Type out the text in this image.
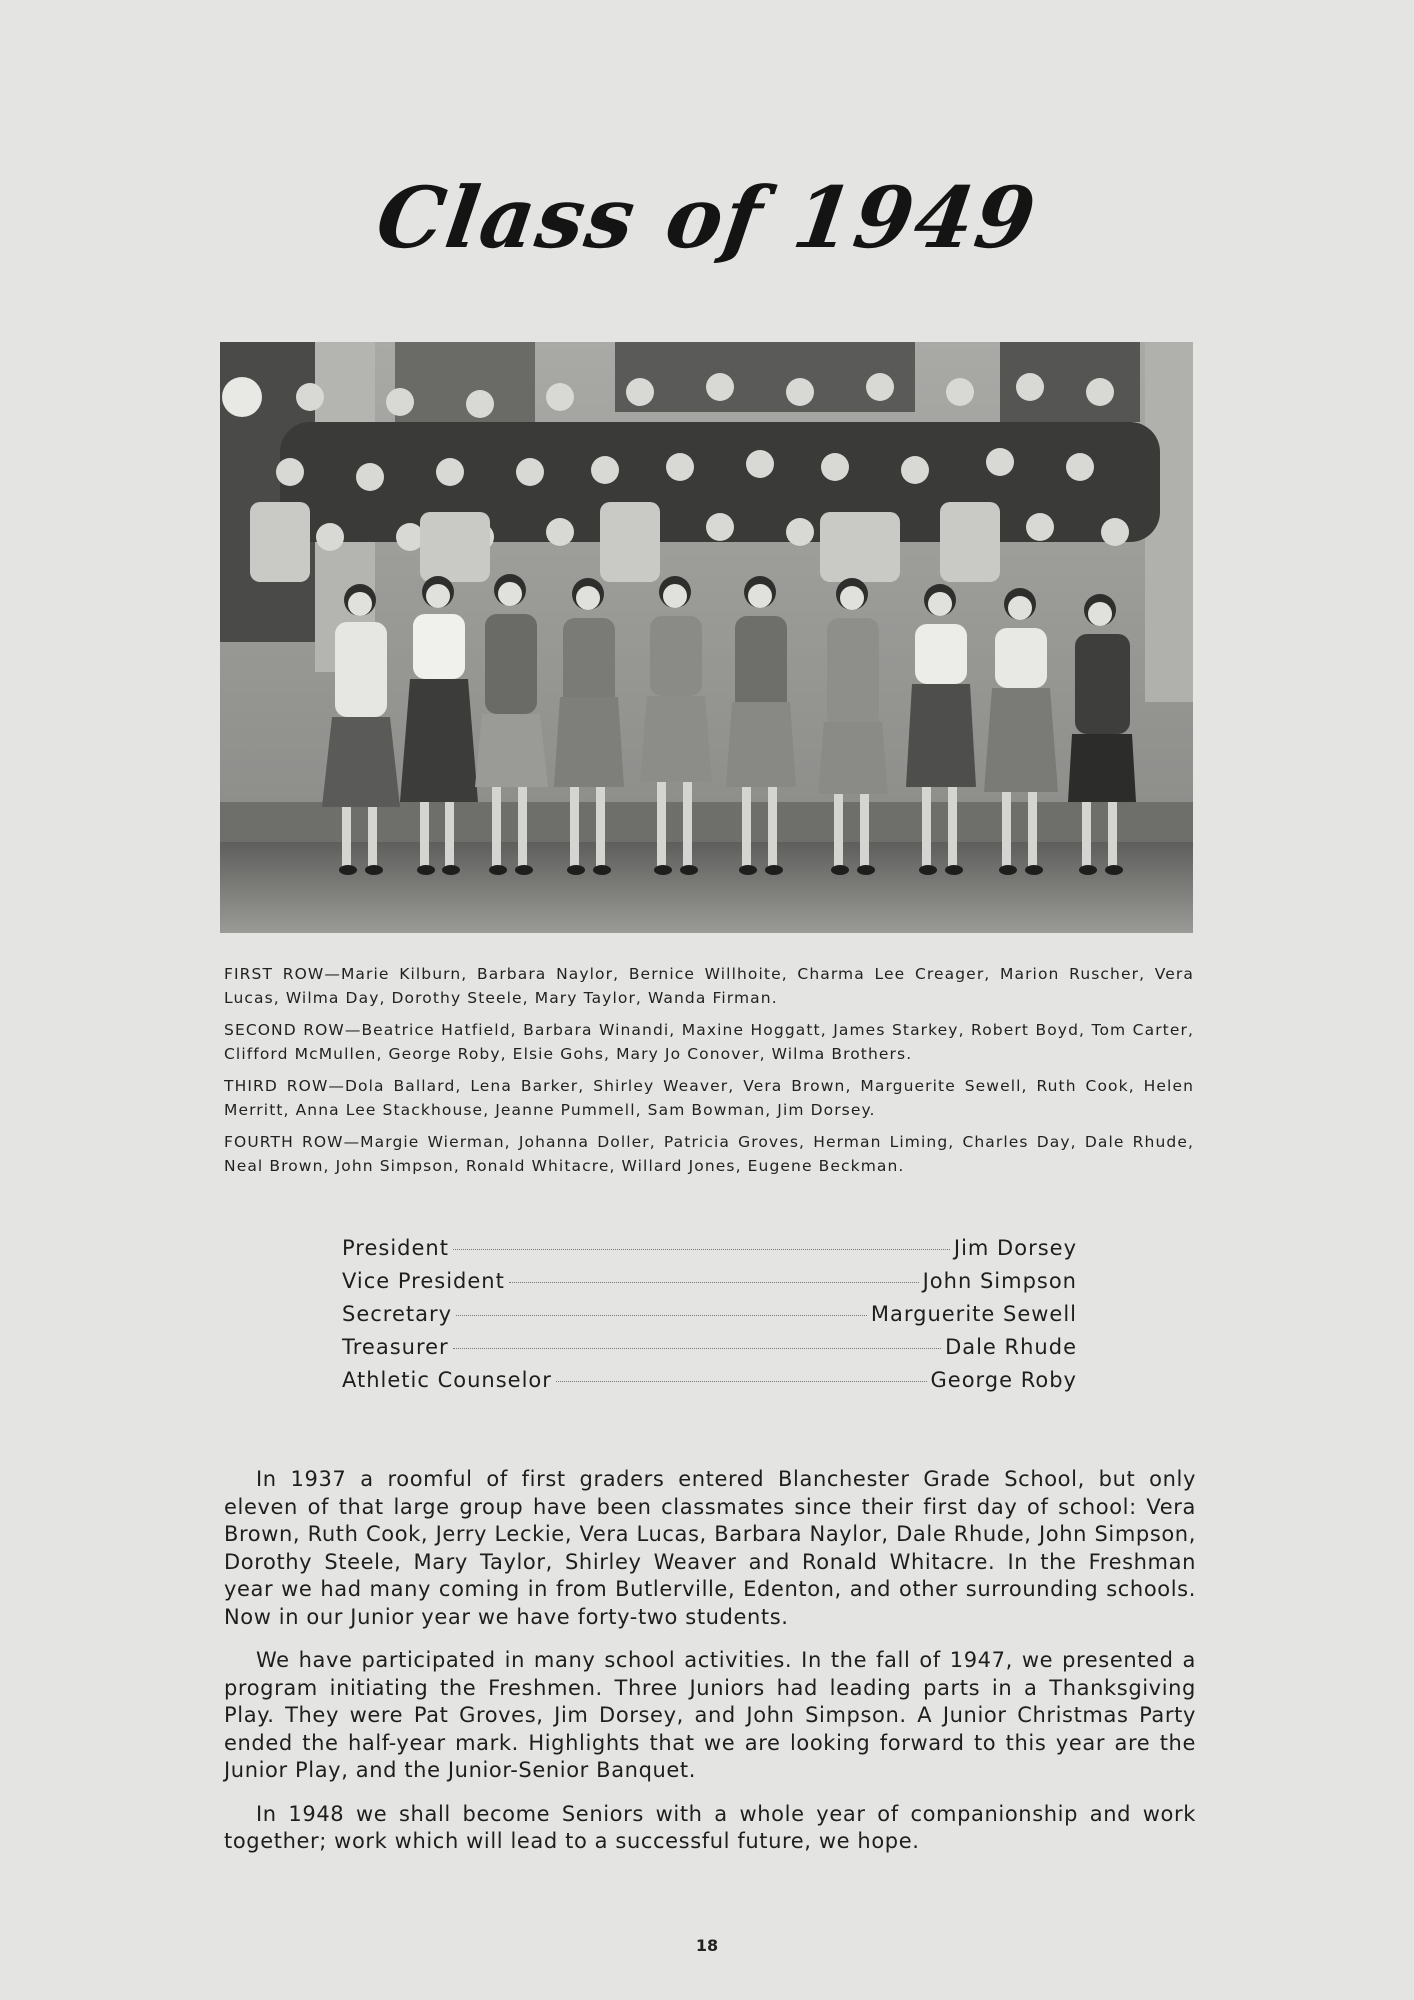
Class of 1949

FIRST ROW—Marie Kilburn, Barbara Naylor, Bernice Willhoite, Charma Lee Creager, Marion Ruscher, Vera Lucas, Wilma Day, Dorothy Steele, Mary Taylor, Wanda Firman.

SECOND ROW—Beatrice Hatfield, Barbara Winandi, Maxine Hoggatt, James Starkey, Robert Boyd, Tom Carter, Clifford McMullen, George Roby, Elsie Gohs, Mary Jo Conover, Wilma Brothers.

THIRD ROW—Dola Ballard, Lena Barker, Shirley Weaver, Vera Brown, Marguerite Sewell, Ruth Cook, Helen Merritt, Anna Lee Stackhouse, Jeanne Pummell, Sam Bowman, Jim Dorsey.

FOURTH ROW—Margie Wierman, Johanna Doller, Patricia Groves, Herman Liming, Charles Day, Dale Rhude, Neal Brown, John Simpson, Ronald Whitacre, Willard Jones, Eugene Beckman.

President	Jim Dorsey
Vice President	John Simpson
Secretary	Marguerite Sewell
Treasurer	Dale Rhude
Athletic Counselor	George Roby

In 1937 a roomful of first graders entered Blanchester Grade School, but only eleven of that large group have been classmates since their first day of school: Vera Brown, Ruth Cook, Jerry Leckie, Vera Lucas, Barbara Naylor, Dale Rhude, John Simpson, Dorothy Steele, Mary Taylor, Shirley Weaver and Ronald Whitacre. In the Freshman year we had many coming in from Butlerville, Edenton, and other surrounding schools. Now in our Junior year we have forty-two students.

We have participated in many school activities. In the fall of 1947, we presented a program initiating the Freshmen. Three Juniors had leading parts in a Thanksgiving Play. They were Pat Groves, Jim Dorsey, and John Simpson. A Junior Christmas Party ended the half-year mark. Highlights that we are looking forward to this year are the Junior Play, and the Junior-Senior Banquet.

In 1948 we shall become Seniors with a whole year of companionship and work together; work which will lead to a successful future, we hope.

18
